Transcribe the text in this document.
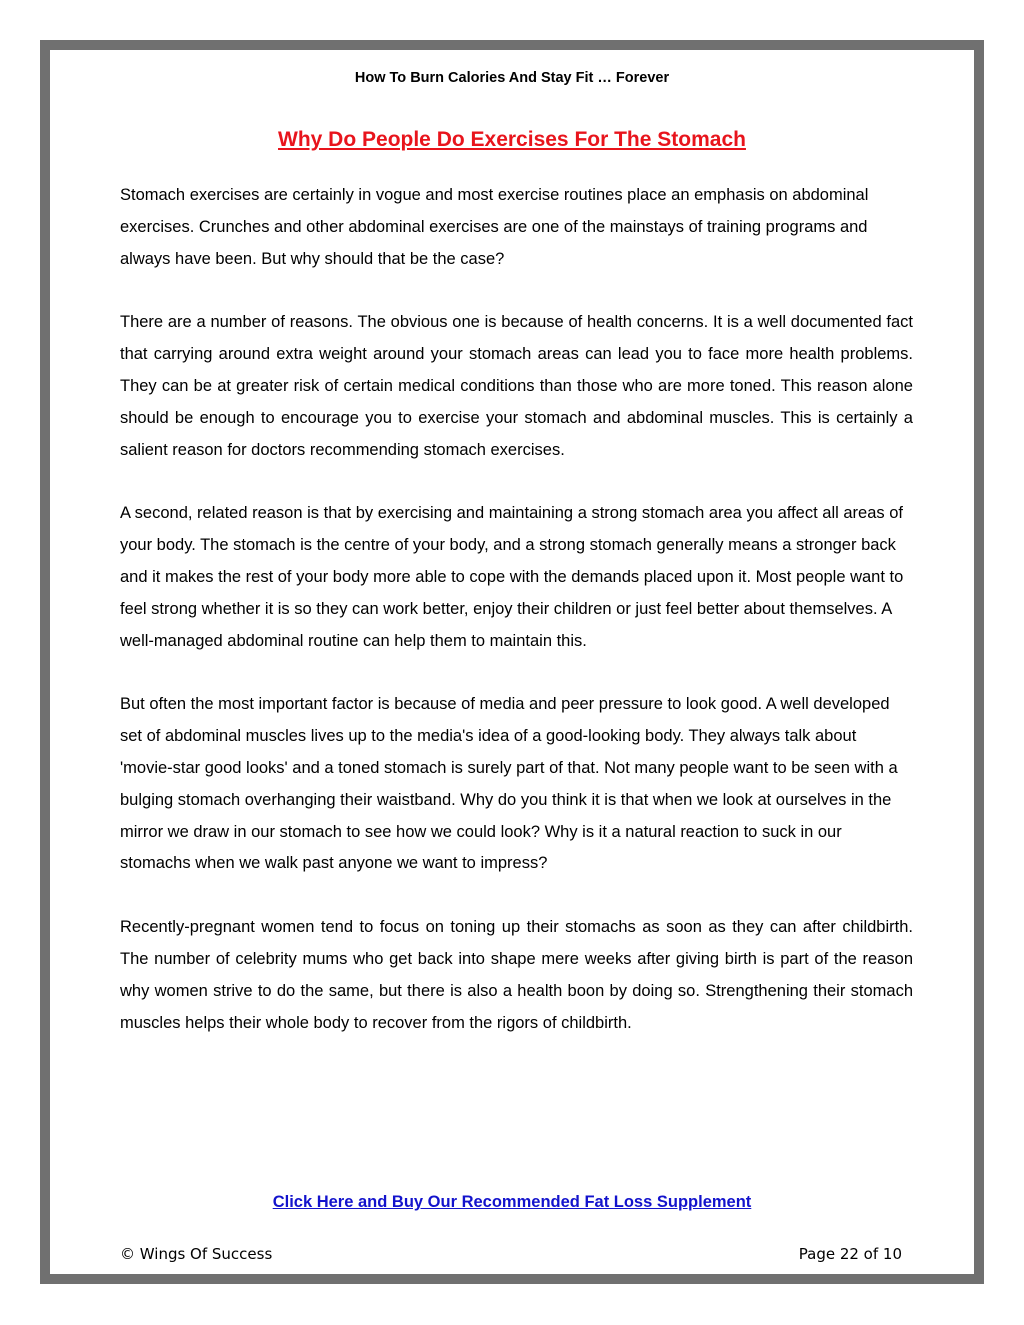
How To Burn Calories And Stay Fit … Forever
Why Do People Do Exercises For The Stomach

Stomach exercises are certainly in vogue and most exercise routines place an emphasis on abdominal exercises. Crunches and other abdominal exercises are one of the mainstays of training programs and always have been. But why should that be the case?

There are a number of reasons. The obvious one is because of health concerns. It is a well documented fact that carrying around extra weight around your stomach areas can lead you to face more health problems. They can be at greater risk of certain medical conditions than those who are more toned. This reason alone should be enough to encourage you to exercise your stomach and abdominal muscles. This is certainly a salient reason for doctors recommending stomach exercises.

A second, related reason is that by exercising and maintaining a strong stomach area you affect all areas of your body. The stomach is the centre of your body, and a strong stomach generally means a stronger back and it makes the rest of your body more able to cope with the demands placed upon it. Most people want to feel strong whether it is so they can work better, enjoy their children or just feel better about themselves. A well-managed abdominal routine can help them to maintain this.

But often the most important factor is because of media and peer pressure to look good. A well developed set of abdominal muscles lives up to the media's idea of a good-looking body. They always talk about 'movie-star good looks' and a toned stomach is surely part of that. Not many people want to be seen with a bulging stomach overhanging their waistband. Why do you think it is that when we look at ourselves in the mirror we draw in our stomach to see how we could look? Why is it a natural reaction to suck in our stomachs when we walk past anyone we want to impress?

Recently-pregnant women tend to focus on toning up their stomachs as soon as they can after childbirth. The number of celebrity mums who get back into shape mere weeks after giving birth is part of the reason why women strive to do the same, but there is also a health boon by doing so. Strengthening their stomach muscles helps their whole body to recover from the rigors of childbirth.

Click Here and Buy Our Recommended Fat Loss Supplement
© Wings Of Success	Page 22 of 10
